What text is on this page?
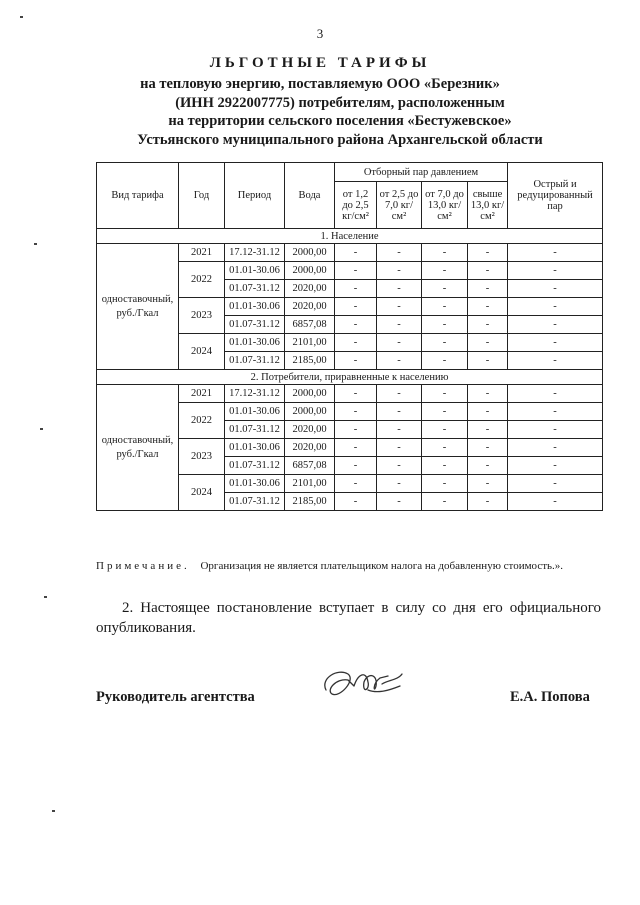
3
ЛЬГОТНЫЕ ТАРИФЫ
на тепловую энергию, поставляемую ООО «Березник»
(ИНН 2922007775) потребителям, расположенным
на территории сельского поселения «Бестужевское»
Устьянского муниципального района Архангельской области
Вид тарифа	Год	Период	Вода	Отборный пар давлением				Острый и редуцированный пар
				от 1,2 до 2,5 кг/см²	от 2,5 до 7,0 кг/см²	от 7,0 до 13,0 кг/см²	свыше 13,0 кг/см²	
1. Население								
одноставочный, руб./Гкал	2021	17.12-31.12	2000,00	-	-	-	-	-
	2022	01.01-30.06	2000,00	-	-	-	-	-
		01.07-31.12	2020,00	-	-	-	-	-
	2023	01.01-30.06	2020,00	-	-	-	-	-
		01.07-31.12	6857,08	-	-	-	-	-
	2024	01.01-30.06	2101,00	-	-	-	-	-
		01.07-31.12	2185,00	-	-	-	-	-
2. Потребители, приравненные к населению								
одноставочный, руб./Гкал	2021	17.12-31.12	2000,00	-	-	-	-	-
	2022	01.01-30.06	2000,00	-	-	-	-	-
		01.07-31.12	2020,00	-	-	-	-	-
	2023	01.01-30.06	2020,00	-	-	-	-	-
		01.07-31.12	6857,08	-	-	-	-	-
	2024	01.01-30.06	2101,00	-	-	-	-	-
		01.07-31.12	2185,00	-	-	-	-	-
Примечание. Организация не является плательщиком налога на добавленную стоимость.».
2. Настоящее постановление вступает в силу со дня его официального опубликования.
Руководитель агентства	Е.А. Попова
